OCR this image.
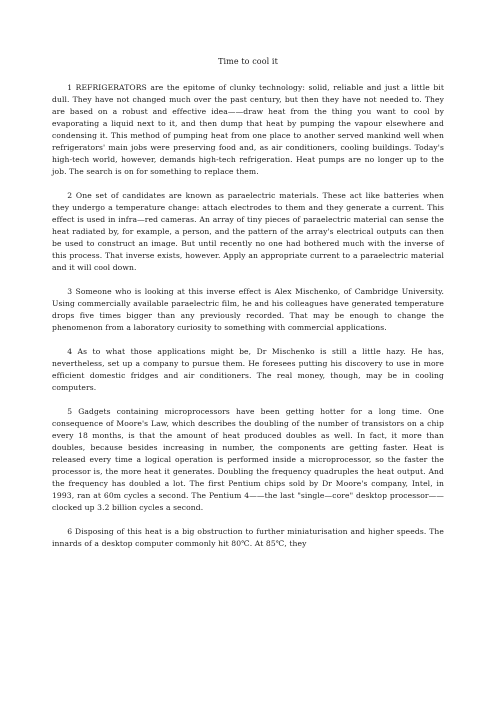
Time to cool it

1 REFRIGERATORS are the epitome of clunky technology: solid, reliable and just a little bit dull. They have not changed much over the past century, but then they have not needed to. They are based on a robust and effective idea——draw heat from the thing you want to cool by evaporating a liquid next to it, and then dump that heat by pumping the vapour elsewhere and condensing it. This method of pumping heat from one place to another served mankind well when refrigerators' main jobs were preserving food and, as air conditioners, cooling buildings. Today's high-tech world, however, demands high-tech refrigeration. Heat pumps are no longer up to the job. The search is on for something to replace them.

2 One set of candidates are known as paraelectric materials. These act like batteries when they undergo a temperature change: attach electrodes to them and they generate a current. This effect is used in infra—red cameras. An array of tiny pieces of paraelectric material can sense the heat radiated by, for example, a person, and the pattern of the array's electrical outputs can then be used to construct an image. But until recently no one had bothered much with the inverse of this process. That inverse exists, however. Apply an appropriate current to a paraelectric material and it will cool down.

3 Someone who is looking at this inverse effect is Alex Mischenko, of Cambridge University. Using commercially available paraelectric film, he and his colleagues have generated temperature drops five times bigger than any previously recorded. That may be enough to change the phenomenon from a laboratory curiosity to something with commercial applications.

4 As to what those applications might be, Dr Mischenko is still a little hazy. He has, nevertheless, set up a company to pursue them. He foresees putting his discovery to use in more efficient domestic fridges and air conditioners. The real money, though, may be in cooling computers.

5 Gadgets containing microprocessors have been getting hotter for a long time. One consequence of Moore's Law, which describes the doubling of the number of transistors on a chip every 18 months, is that the amount of heat produced doubles as well. In fact, it more than doubles, because besides increasing in number, the components are getting faster. Heat is released every time a logical operation is performed inside a microprocessor, so the faster the processor is, the more heat it generates. Doubling the frequency quadruples the heat output. And the frequency has doubled a lot. The first Pentium chips sold by Dr Moore's company, Intel, in 1993, ran at 60m cycles a second. The Pentium 4——the last "single—core" desktop processor——clocked up 3.2 billion cycles a second.

6 Disposing of this heat is a big obstruction to further miniaturisation and higher speeds. The innards of a desktop computer commonly hit 80℃. At 85℃, they
